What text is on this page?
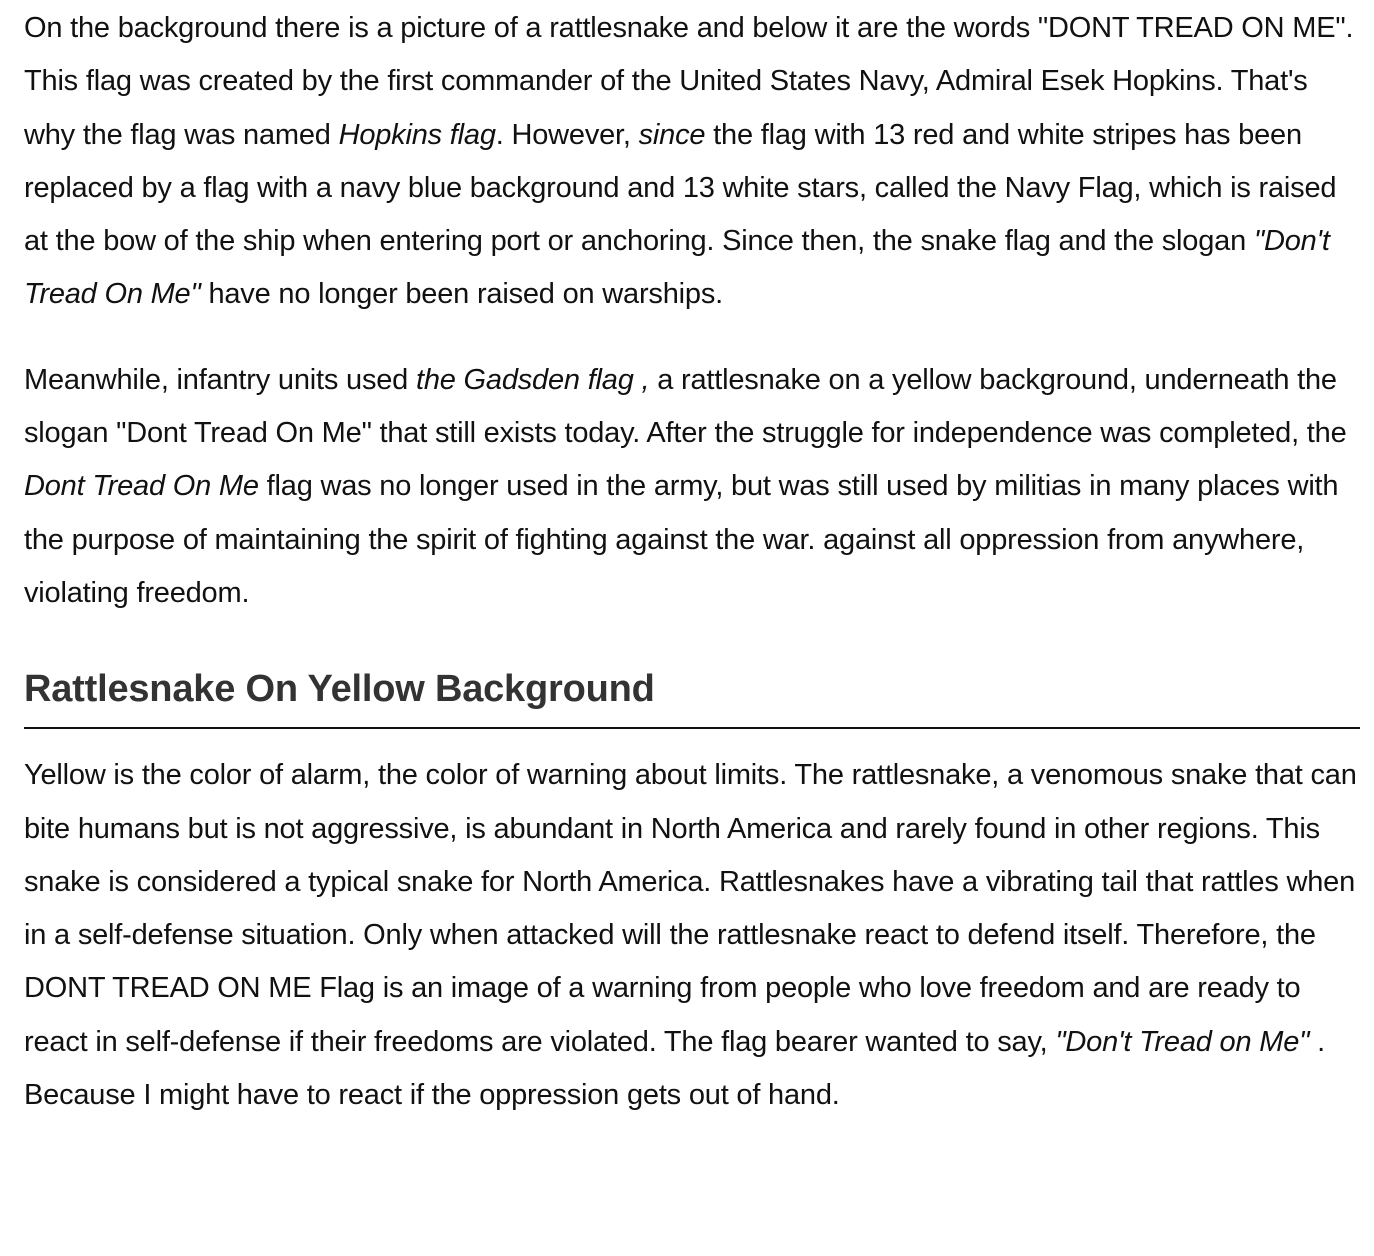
On the background there is a picture of a rattlesnake and below it are the words "DONT TREAD ON ME". This flag was created by the first commander of the United States Navy, Admiral Esek Hopkins. That's why the flag was named Hopkins flag. However, since the flag with 13 red and white stripes has been replaced by a flag with a navy blue background and 13 white stars, called the Navy Flag, which is raised at the bow of the ship when entering port or anchoring. Since then, the snake flag and the slogan "Don't Tread On Me" have no longer been raised on warships.

Meanwhile, infantry units used the Gadsden flag , a rattlesnake on a yellow background, underneath the slogan "Dont Tread On Me" that still exists today. After the struggle for independence was completed, the Dont Tread On Me flag was no longer used in the army, but was still used by militias in many places with the purpose of maintaining the spirit of fighting against the war. against all oppression from anywhere, violating freedom.

Rattlesnake On Yellow Background

Yellow is the color of alarm, the color of warning about limits. The rattlesnake, a venomous snake that can bite humans but is not aggressive, is abundant in North America and rarely found in other regions. This snake is considered a typical snake for North America. Rattlesnakes have a vibrating tail that rattles when in a self-defense situation. Only when attacked will the rattlesnake react to defend itself. Therefore, the DONT TREAD ON ME Flag is an image of a warning from people who love freedom and are ready to react in self-defense if their freedoms are violated. The flag bearer wanted to say, "Don't Tread on Me" . Because I might have to react if the oppression gets out of hand.
